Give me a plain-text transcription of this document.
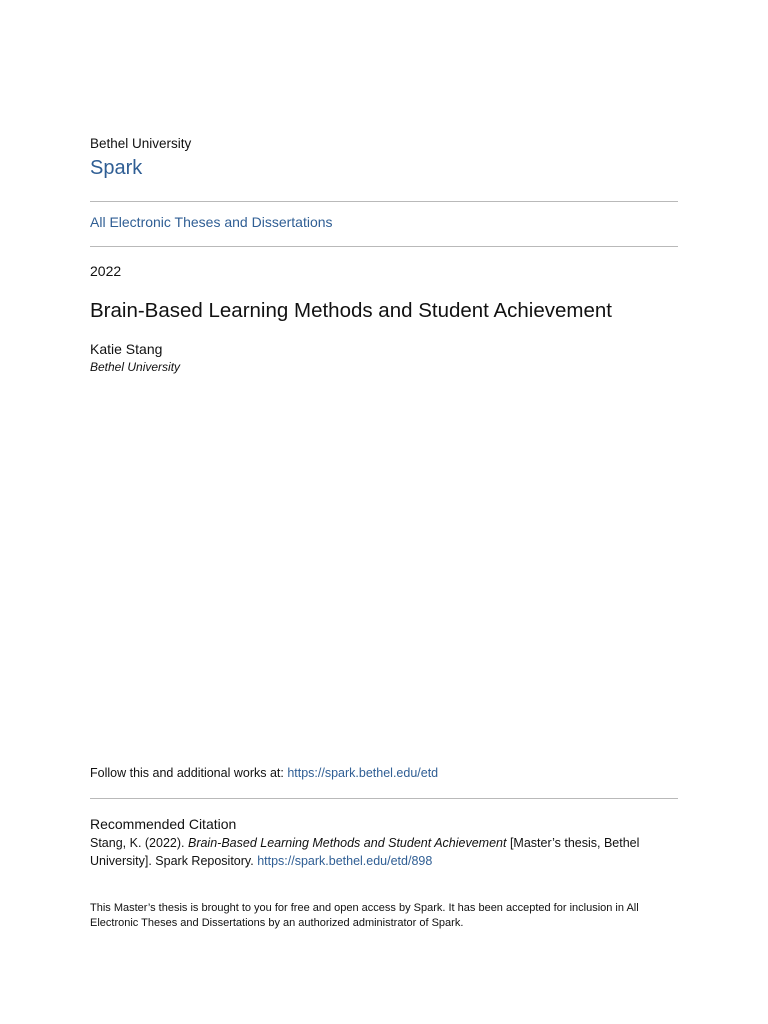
Bethel University
Spark
All Electronic Theses and Dissertations
2022
Brain-Based Learning Methods and Student Achievement
Katie Stang
Bethel University
Follow this and additional works at: https://spark.bethel.edu/etd
Recommended Citation
Stang, K. (2022). Brain-Based Learning Methods and Student Achievement [Master’s thesis, Bethel University]. Spark Repository. https://spark.bethel.edu/etd/898
This Master’s thesis is brought to you for free and open access by Spark. It has been accepted for inclusion in All Electronic Theses and Dissertations by an authorized administrator of Spark.
